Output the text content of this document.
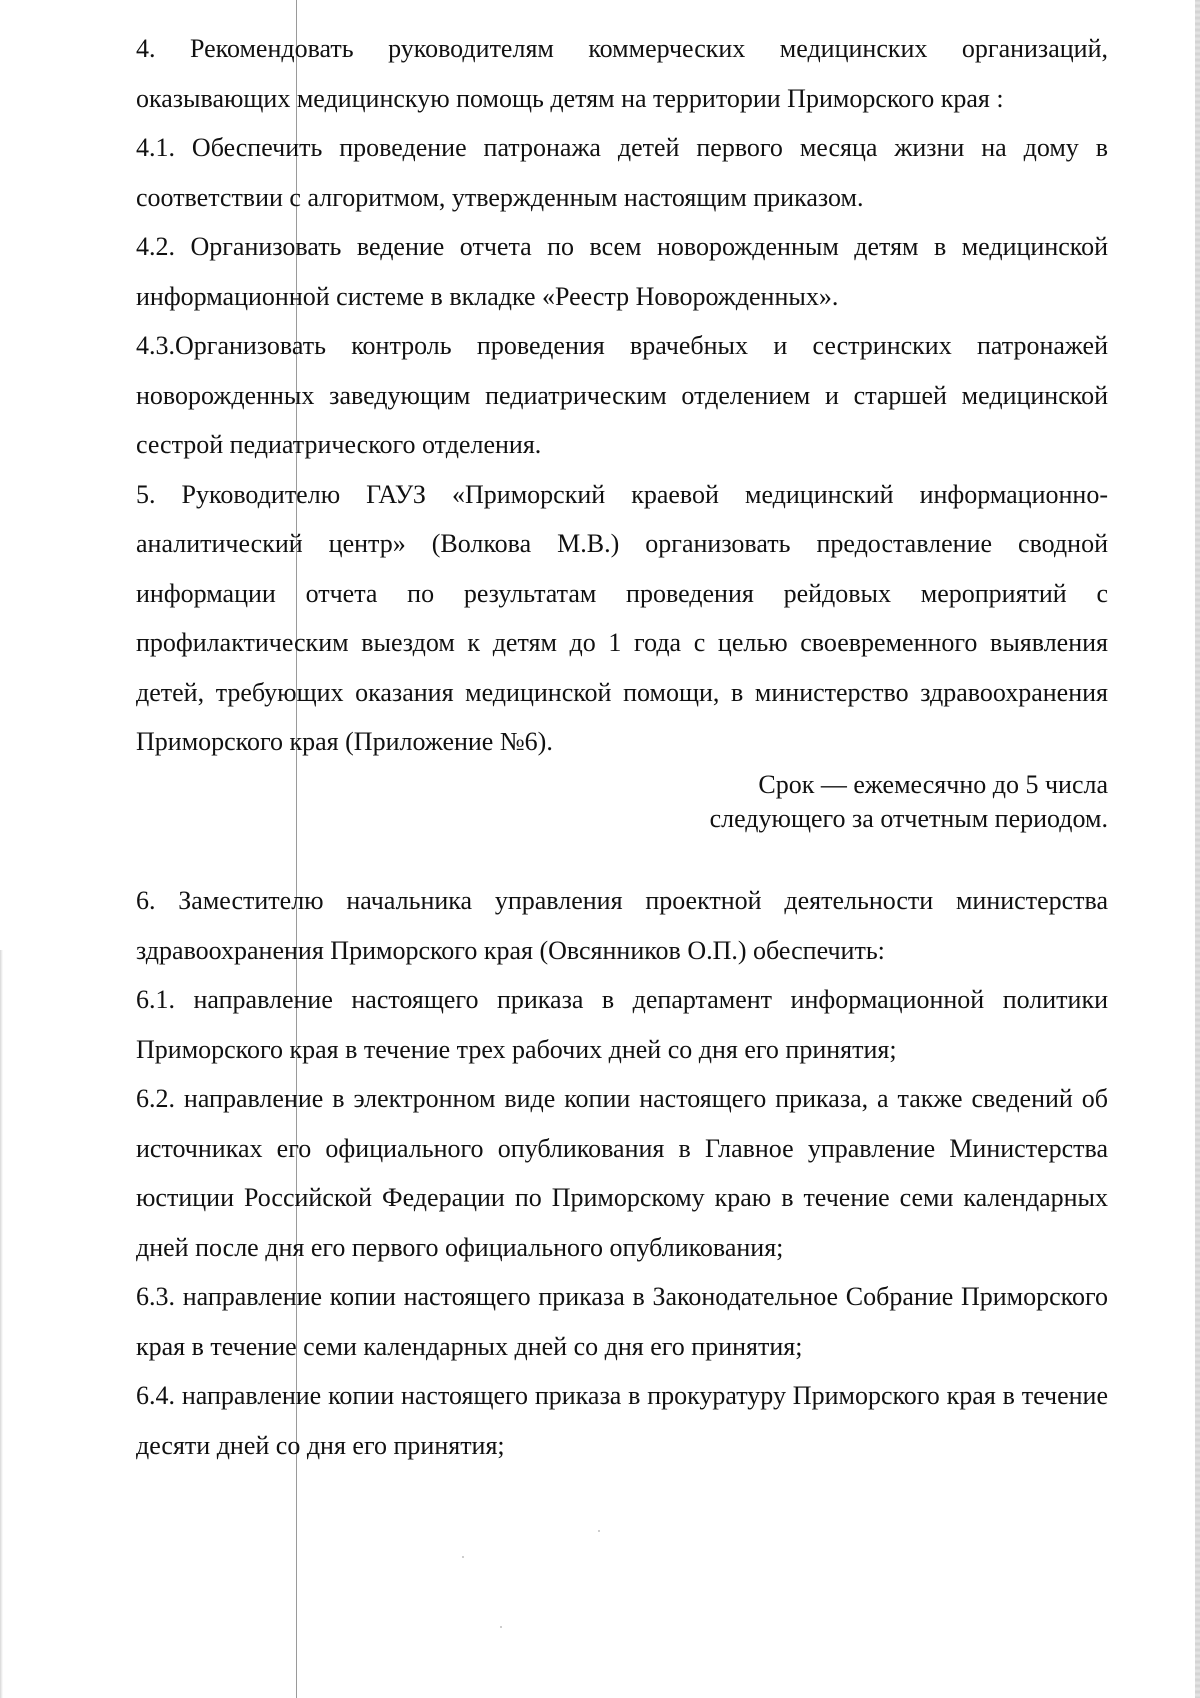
4. Рекомендовать руководителям коммерческих медицинских организаций, оказывающих медицинскую помощь детям на территории Приморского края :

4.1. Обеспечить проведение патронажа детей первого месяца жизни на дому в соответствии с алгоритмом, утвержденным настоящим приказом.

4.2. Организовать ведение отчета по всем новорожденным детям в медицинской информационной системе в вкладке «Реестр Новорожденных».

4.3.Организовать контроль проведения врачебных и сестринских патронажей новорожденных заведующим педиатрическим отделением и старшей медицинской сестрой педиатрического отделения.

5. Руководителю ГАУЗ «Приморский краевой медицинский информационно-аналитический центр» (Волкова М.В.) организовать предоставление сводной информации отчета по результатам проведения рейдовых мероприятий с профилактическим выездом к детям до 1 года с целью своевременного выявления детей, требующих оказания медицинской помощи, в министерство здравоохранения Приморского края (Приложение №6).

Срок — ежемесячно до 5 числа
следующего за отчетным периодом.

6. Заместителю начальника управления проектной деятельности министерства здравоохранения Приморского края (Овсянников О.П.) обеспечить:

6.1. направление настоящего приказа в департамент информационной политики Приморского края в течение трех рабочих дней со дня его принятия;

6.2. направление в электронном виде копии настоящего приказа, а также сведений об источниках его официального опубликования в Главное управление Министерства юстиции Российской Федерации по Приморскому краю в течение семи календарных дней после дня его первого официального опубликования;

6.3. направление копии настоящего приказа в Законодательное Собрание Приморского края в течение семи календарных дней со дня его принятия;

6.4. направление копии настоящего приказа в прокуратуру Приморского края в течение десяти дней со дня его принятия;
